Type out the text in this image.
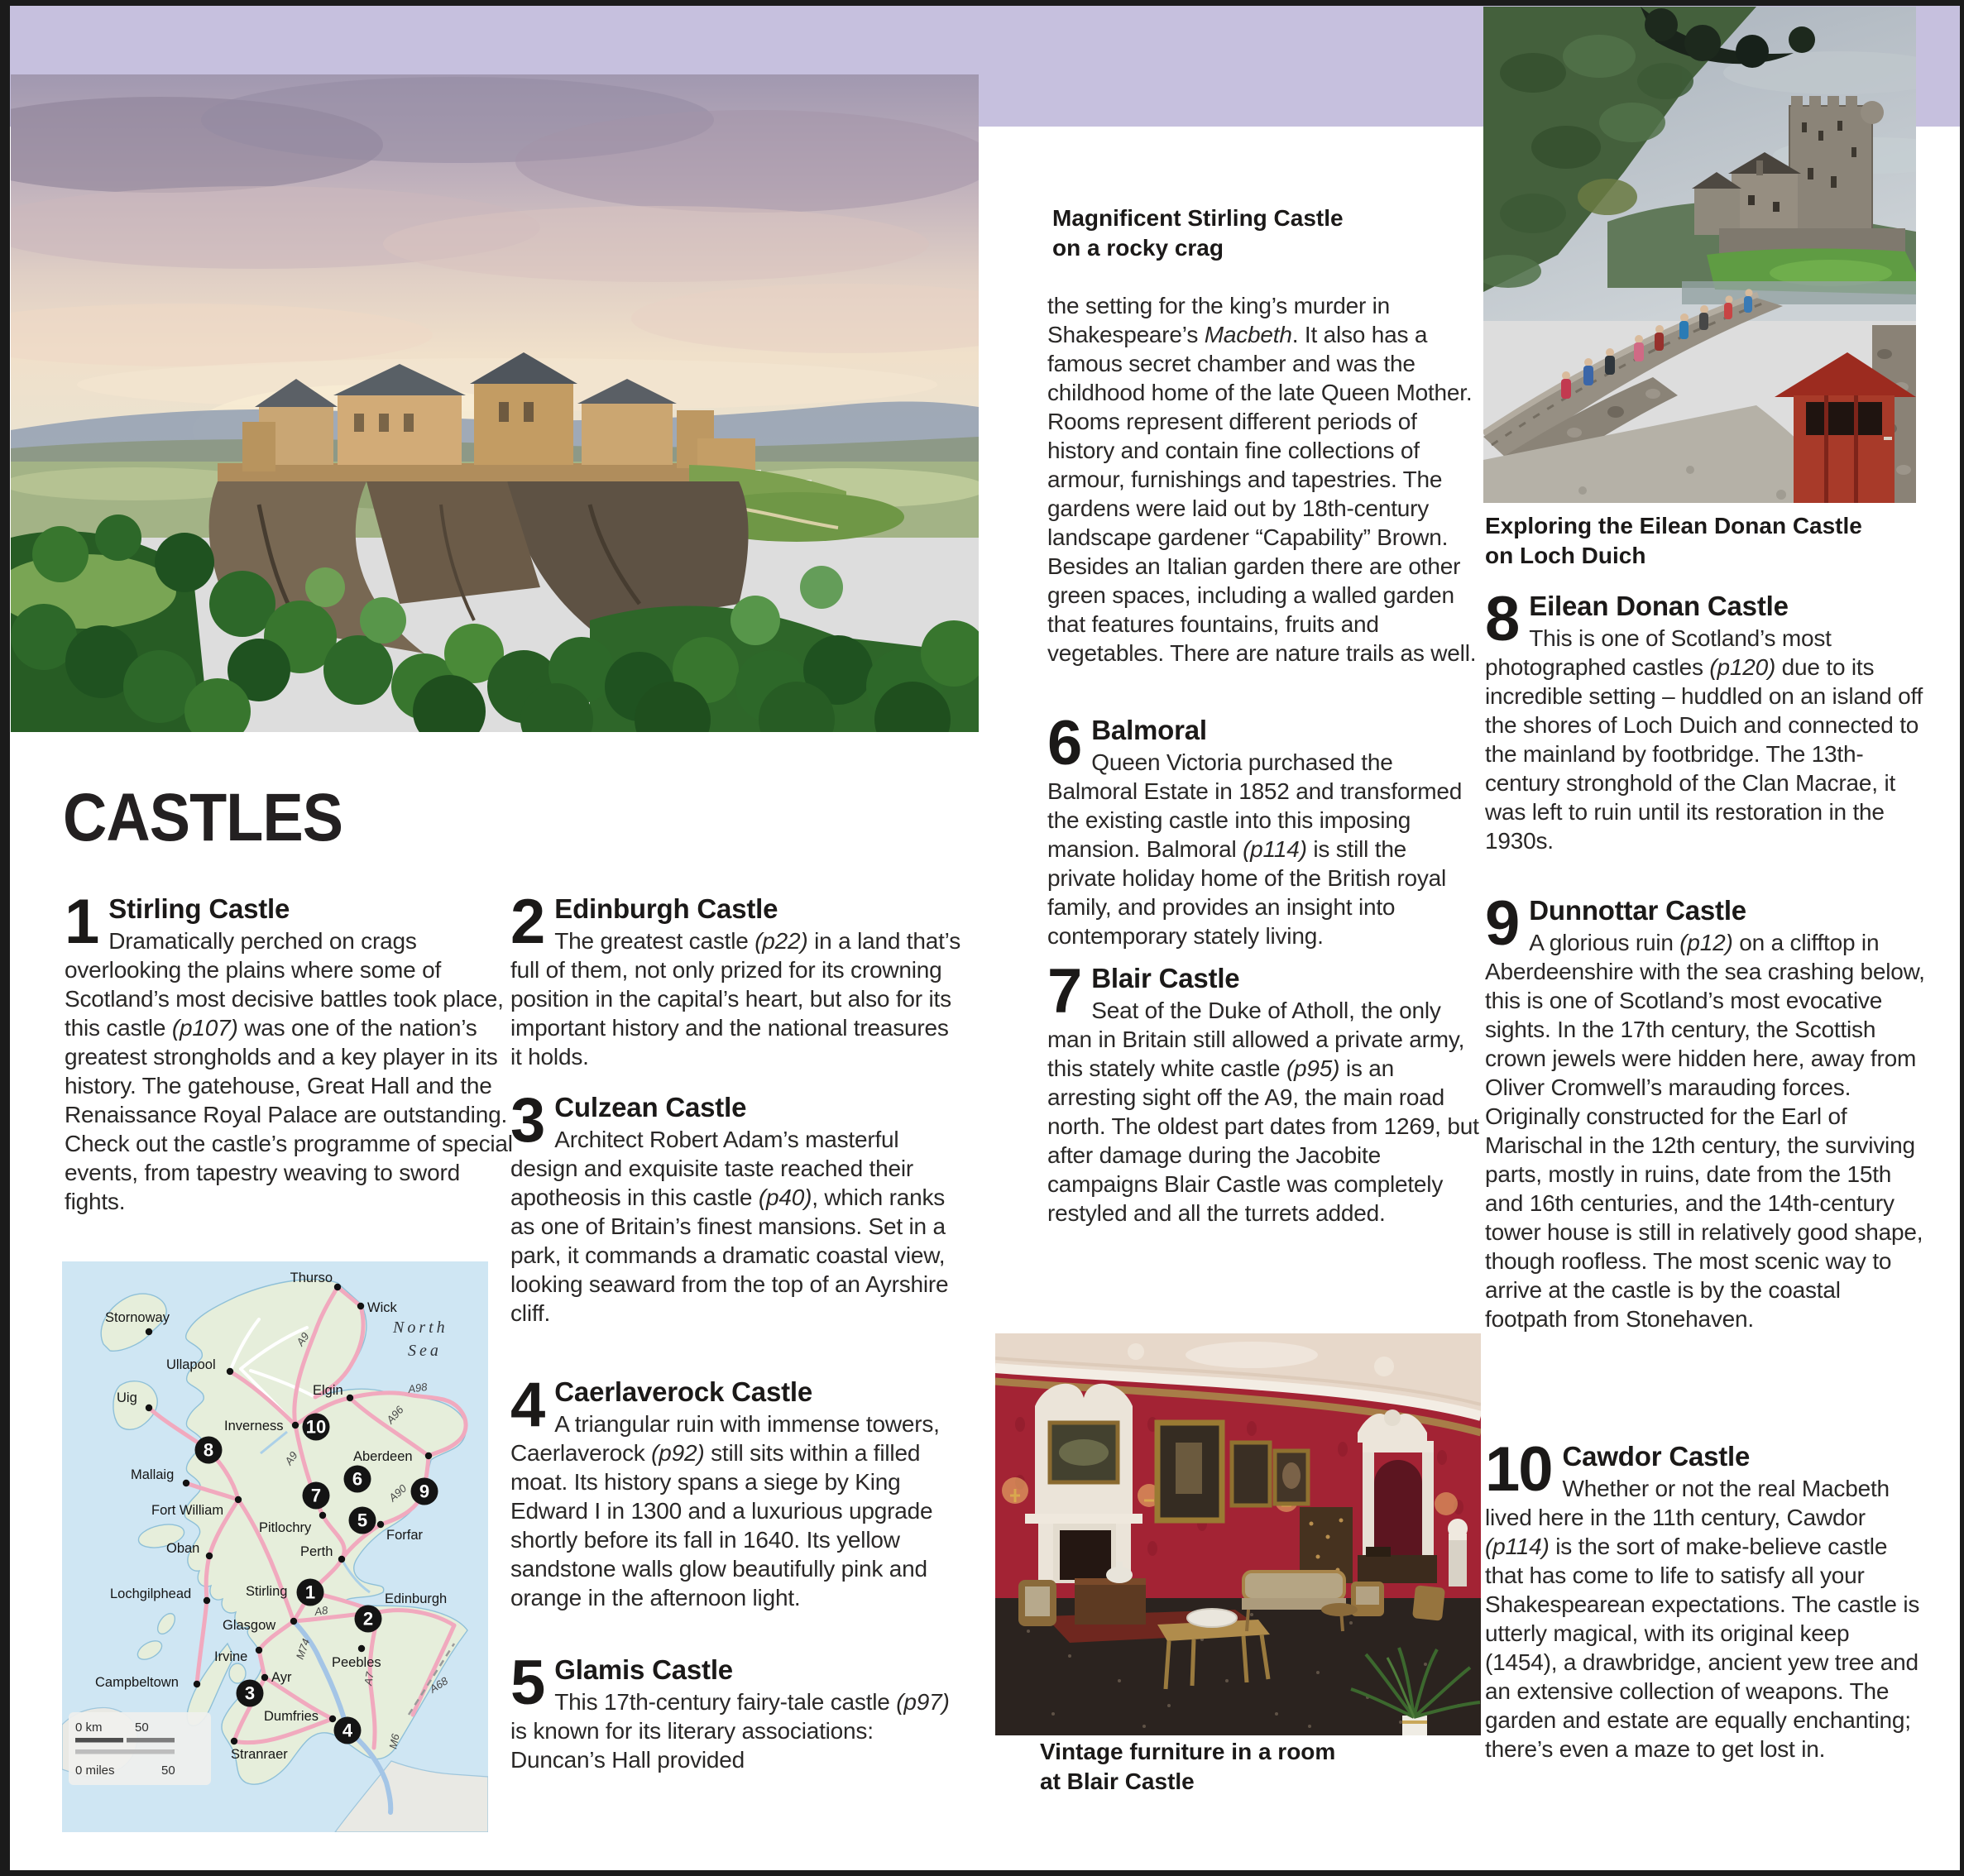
CASTLES
Magnificent Stirling Castle
on a rocky crag
Exploring the Eilean Donan Castle
on Loch Duich
Vintage furniture in a room
at Blair Castle
1 Stirling Castle

Dramatically perched on crags overlooking the plains where some of Scotland’s most decisive battles took place, this castle (p107) was one of the nation’s greatest strongholds and a key player in its history. The gatehouse, Great Hall and the Renaissance Royal Palace are outstanding. Check out the castle’s programme of special events, from tapestry weaving to sword fights.

2 Edinburgh Castle

The greatest castle (p22) in a land that’s full of them, not only prized for its crowning position in the capital’s heart, but also for its important history and the national treasures it holds.

3 Culzean Castle

Architect Robert Adam’s masterful design and exquisite taste reached their apotheosis in this castle (p40), which ranks as one of Britain’s finest mansions. Set in a park, it commands a dramatic coastal view, looking seaward from the top of an Ayrshire cliff.

4 Caerlaverock Castle

A triangular ruin with immense towers, Caerlaverock (p92) still sits within a filled moat. Its history spans a siege by King Edward I in 1300 and a luxurious upgrade shortly before its fall in 1640. Its yellow sandstone walls glow beautifully pink and orange in the afternoon light.

5 Glamis Castle

This 17th-century fairy-tale castle (p97) is known for its literary associations: Duncan’s Hall provided

the setting for the king’s murder in Shakespeare’s Macbeth. It also has a famous secret chamber and was the childhood home of the late Queen Mother. Rooms represent different periods of history and contain fine collections of armour, furnishings and tapestries. The gardens were laid out by 18th-century landscape gardener “Capability” Brown. Besides an Italian garden there are other green spaces, including a walled garden that features fountains, fruits and vegetables. There are nature trails as well.

6 Balmoral

Queen Victoria purchased the Balmoral Estate in 1852 and transformed the existing castle into this imposing mansion. Balmoral (p114) is still the private holiday home of the British royal family, and provides an insight into contemporary stately living.

7 Blair Castle

Seat of the Duke of Atholl, the only man in Britain still allowed a private army, this stately white castle (p95) is an arresting sight off the A9, the main road north. The oldest part dates from 1269, but after damage during the Jacobite campaigns Blair Castle was completely restyled and all the turrets added.

8 Eilean Donan Castle

This is one of Scotland’s most photographed castles (p120) due to its incredible setting – huddled on an island off the shores of Loch Duich and connected to the mainland by footbridge. The 13th-century stronghold of the Clan Macrae, it was left to ruin until its restoration in the 1930s.

9 Dunnottar Castle

A glorious ruin (p12) on a clifftop in Aberdeenshire with the sea crashing below, this is one of Scotland’s most evocative sights. In the 17th century, the Scottish crown jewels were hidden here, away from Oliver Cromwell’s marauding forces. Originally constructed for the Earl of Marischal in the 12th century, the surviving parts, mostly in ruins, date from the 15th and 16th centuries, and the 14th-century tower house is still in relatively good shape, though roofless. The most scenic way to arrive at the castle is by the coastal footpath from Stonehaven.

10 Cawdor Castle

Whether or not the real Macbeth lived here in the 11th century, Cawdor (p114) is the sort of make-believe castle that has come to life to satisfy all your Shakespearean expectations. The castle is utterly magical, with its original keep (1454), a drawbridge, ancient yew tree and an extensive collection of weapons. The garden and estate are equally enchanting; there’s even a maze to get lost in.

North
Sea
Thurso
Wick
Stornoway
Ullapool
Uig	Elgin
Inverness
Aberdeen
Mallaig
Fort William
Pitlochry	Forfar
Oban	Perth
Lochgilphead	Stirling	Edinburgh
Glasgow
Irvine	Peebles
Campbeltown	Ayr
Dumfries
Stranraer
A9
A98
A96
A9
A90
A8
M74
A7	A68
M6
1
2
3
4
5
6
7
8
9
10
0 km	50
0 miles	50
